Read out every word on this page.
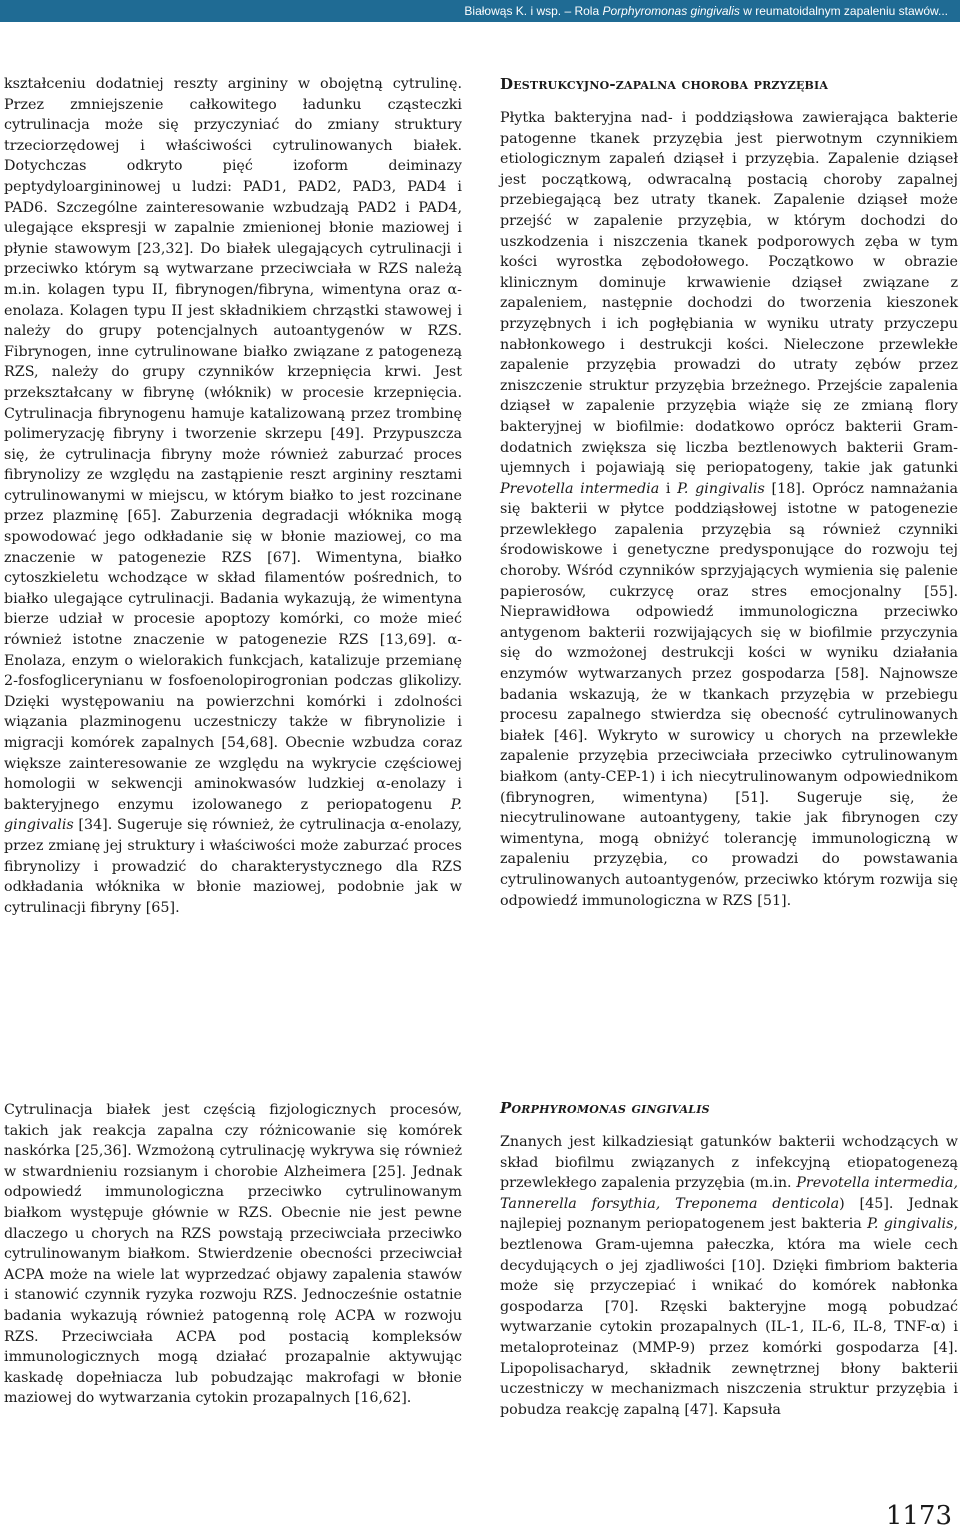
Białowąs K. i wsp. – Rola Porphyromonas gingivalis w reumatoidalnym zapaleniu stawów...

kształceniu dodatniej reszty argininy w obojętną cytrulinę. Przez zmniejszenie całkowitego ładunku cząsteczki cytrulinacja może się przyczyniać do zmiany struktury trzeciorzędowej i właściwości cytrulinowanych białek. Dotychczas odkryto pięć izoform deiminazy peptydyloargininowej u ludzi: PAD1, PAD2, PAD3, PAD4 i PAD6. Szczególne zainteresowanie wzbudzają PAD2 i PAD4, ulegające ekspresji w zapalnie zmienionej błonie maziowej i płynie stawowym [23,32]. Do białek ulegających cytrulinacji i przeciwko którym są wytwarzane przeciwciała w RZS należą m.in. kolagen typu II, fibrynogen/fibryna, wimentyna oraz α-enolaza. Kolagen typu II jest składnikiem chrząstki stawowej i należy do grupy potencjalnych autoantygenów w RZS. Fibrynogen, inne cytrulinowane białko związane z patogenezą RZS, należy do grupy czynników krzepnięcia krwi. Jest przekształcany w fibrynę (włóknik) w procesie krzepnięcia. Cytrulinacja fibrynogenu hamuje katalizowaną przez trombinę polimeryzację fibryny i tworzenie skrzepu [49]. Przypuszcza się, że cytrulinacja fibryny może również zaburzać proces fibrynolizy ze względu na zastąpienie reszt argininy resztami cytrulinowanymi w miejscu, w którym białko to jest rozcinane przez plazminę [65]. Zaburzenia degradacji włóknika mogą spowodować jego odkładanie się w błonie maziowej, co ma znaczenie w patogenezie RZS [67]. Wimentyna, białko cytoszkieletu wchodzące w skład filamentów pośrednich, to białko ulegające cytrulinacji. Badania wykazują, że wimentyna bierze udział w procesie apoptozy komórki, co może mieć również istotne znaczenie w patogenezie RZS [13,69]. α-Enolaza, enzym o wielorakich funkcjach, katalizuje przemianę 2-fosfoglicerynianu w fosfoenolopirogronian podczas glikolizy. Dzięki występowaniu na powierzchni komórki i zdolności wiązania plazminogenu uczestniczy także w fibrynolizie i migracji komórek zapalnych [54,68]. Obecnie wzbudza coraz większe zainteresowanie ze względu na wykrycie częściowej homologii w sekwencji aminokwasów ludzkiej α-enolazy i bakteryjnego enzymu izolowanego z periopatogenu P. gingivalis [34]. Sugeruje się również, że cytrulinacja α-enolazy, przez zmianę jej struktury i właściwości może zaburzać proces fibrynolizy i prowadzić do charakterystycznego dla RZS odkładania włóknika w błonie maziowej, podobnie jak w cytrulinacji fibryny [65].

Cytrulinacja białek jest częścią fizjologicznych procesów, takich jak reakcja zapalna czy różnicowanie się komórek naskórka [25,36]. Wzmożoną cytrulinację wykrywa się również w stwardnieniu rozsianym i chorobie Alzheimera [25]. Jednak odpowiedź immunologiczna przeciwko cytrulinowanym białkom występuje głównie w RZS. Obecnie nie jest pewne dlaczego u chorych na RZS powstają przeciwciała przeciwko cytrulinowanym białkom. Stwierdzenie obecności przeciwciał ACPA może na wiele lat wyprzedzać objawy zapalenia stawów i stanowić czynnik ryzyka rozwoju RZS. Jednocześnie ostatnie badania wykazują również patogenną rolę ACPA w rozwoju RZS. Przeciwciała ACPA pod postacią kompleksów immunologicznych mogą działać prozapalnie aktywując kaskadę dopełniacza lub pobudzając makrofagi w błonie maziowej do wytwarzania cytokin prozapalnych [16,62].

Destrukcyjno-zapalna choroba przyzębia

Płytka bakteryjna nad- i poddziąsłowa zawierająca bakterie patogenne tkanek przyzębia jest pierwotnym czynnikiem etiologicznym zapaleń dziąseł i przyzębia. Zapalenie dziąseł jest początkową, odwracalną postacią choroby zapalnej przebiegającą bez utraty tkanek. Zapalenie dziąseł może przejść w zapalenie przyzębia, w którym dochodzi do uszkodzenia i niszczenia tkanek podporowych zęba w tym kości wyrostka zębodołowego. Początkowo w obrazie klinicznym dominuje krwawienie dziąseł związane z zapaleniem, następnie dochodzi do tworzenia kieszonek przyzębnych i ich pogłębiania w wyniku utraty przyczepu nabłonkowego i destrukcji kości. Nieleczone przewlekłe zapalenie przyzębia prowadzi do utraty zębów przez zniszczenie struktur przyzębia brzeżnego. Przejście zapalenia dziąseł w zapalenie przyzębia wiąże się ze zmianą flory bakteryjnej w biofilmie: dodatkowo oprócz bakterii Gram-dodatnich zwiększa się liczba beztlenowych bakterii Gram-ujemnych i pojawiają się periopatogeny, takie jak gatunki Prevotella intermedia i P. gingivalis [18]. Oprócz namnażania się bakterii w płytce poddziąsłowej istotne w patogenezie przewlekłego zapalenia przyzębia są również czynniki środowiskowe i genetyczne predysponujące do rozwoju tej choroby. Wśród czynników sprzyjających wymienia się palenie papierosów, cukrzycę oraz stres emocjonalny [55]. Nieprawidłowa odpowiedź immunologiczna przeciwko antygenom bakterii rozwijających się w biofilmie przyczynia się do wzmożonej destrukcji kości w wyniku działania enzymów wytwarzanych przez gospodarza [58]. Najnowsze badania wskazują, że w tkankach przyzębia w przebiegu procesu zapalnego stwierdza się obecność cytrulinowanych białek [46]. Wykryto w surowicy u chorych na przewlekłe zapalenie przyzębia przeciwciała przeciwko cytrulinowanym białkom (anty-CEP-1) i ich niecytrulinowanym odpowiednikom (fibrynogren, wimentyna) [51]. Sugeruje się, że niecytrulinowane autoantygeny, takie jak fibrynogen czy wimentyna, mogą obniżyć tolerancję immunologiczną w zapaleniu przyzębia, co prowadzi do powstawania cytrulinowanych autoantygenów, przeciwko którym rozwija się odpowiedź immunologiczna w RZS [51].

Porphyromonas gingivalis

Znanych jest kilkadziesiąt gatunków bakterii wchodzących w skład biofilmu związanych z infekcyjną etiopatogenezą przewlekłego zapalenia przyzębia (m.in. Prevotella intermedia, Tannerella forsythia, Treponema denticola) [45]. Jednak najlepiej poznanym periopatogenem jest bakteria P. gingivalis, beztlenowa Gram-ujemna pałeczka, która ma wiele cech decydujących o jej zjadliwości [10]. Dzięki fimbriom bakteria może się przyczepiać i wnikać do komórek nabłonka gospodarza [70]. Rzęski bakteryjne mogą pobudzać wytwarzanie cytokin prozapalnych (IL-1, IL-6, IL-8, TNF-α) i metaloproteinaz (MMP-9) przez komórki gospodarza [4]. Lipopolisacharyd, składnik zewnętrznej błony bakterii uczestniczy w mechanizmach niszczenia struktur przyzębia i pobudza reakcję zapalną [47]. Kapsuła

1173
